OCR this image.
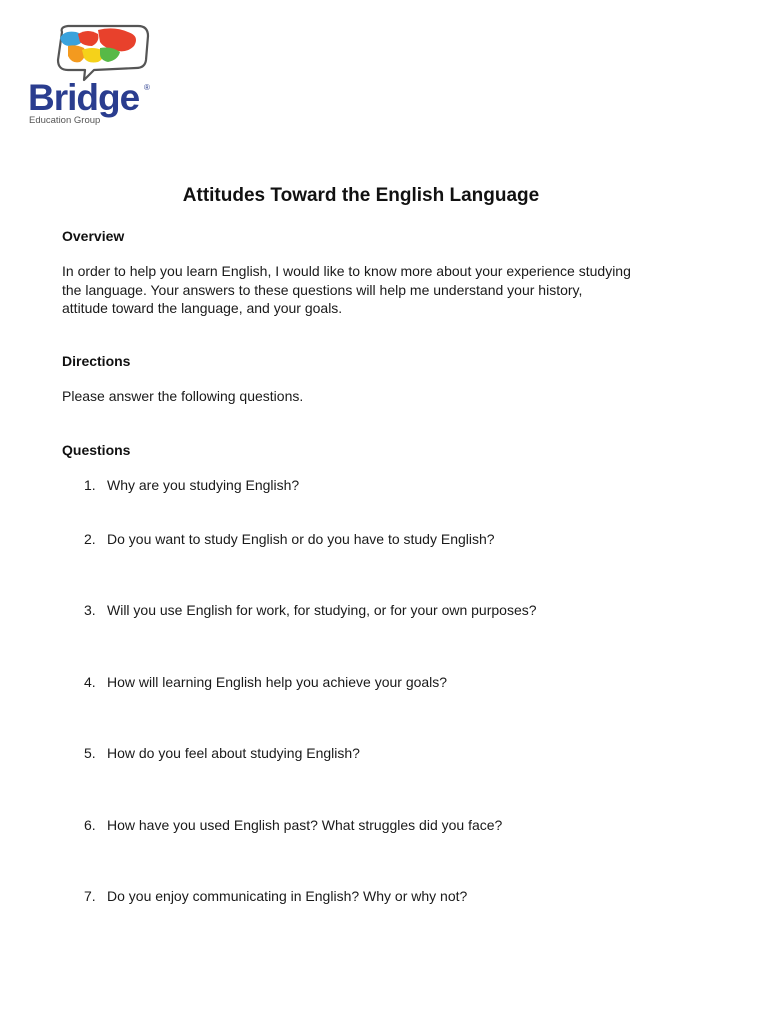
Bridge ®
Education Group
Attitudes Toward the English Language
Overview
In order to help you learn English, I would like to know more about your experience studying
the language. Your answers to these questions will help me understand your history,
attitude toward the language, and your goals.
Directions
Please answer the following questions.
Questions
1. Why are you studying English?
2. Do you want to study English or do you have to study English?
3. Will you use English for work, for studying, or for your own purposes?
4. How will learning English help you achieve your goals?
5. How do you feel about studying English?
6. How have you used English past? What struggles did you face?
7. Do you enjoy communicating in English? Why or why not?
